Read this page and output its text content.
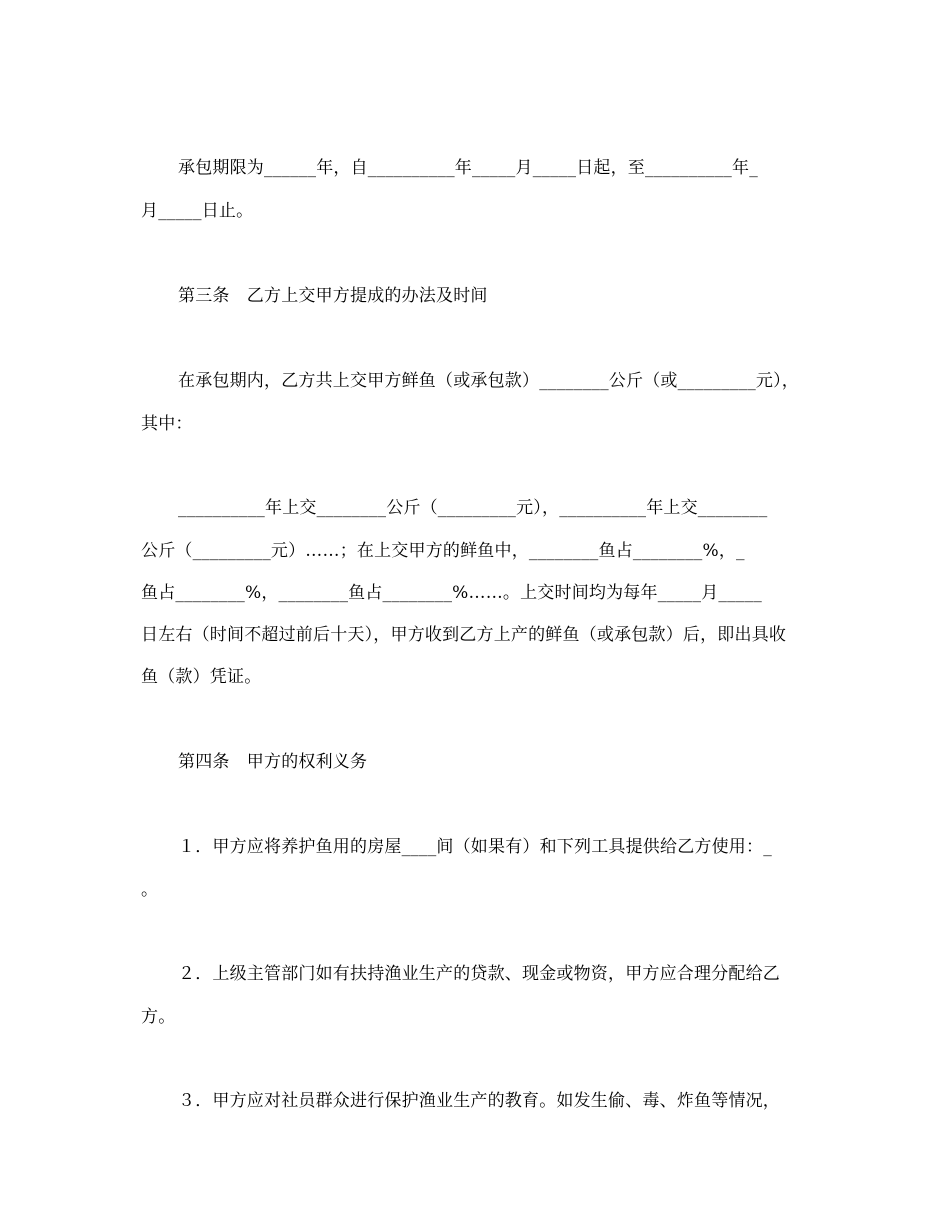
承包期限为______年，自__________年_____月_____日起，至__________年_
月_____日止。
第三条　乙方上交甲方提成的办法及时间
在承包期内，乙方共上交甲方鲜鱼（或承包款）________公斤（或_________元），
其中：
__________年上交________公斤（_________元），__________年上交________
公斤（_________元）……；在上交甲方的鲜鱼中，________鱼占________%，_
鱼占________%，________鱼占________%……。上交时间均为每年_____月_____
日左右（时间不超过前后十天），甲方收到乙方上产的鲜鱼（或承包款）后，即出具收
鱼（款）凭证。
第四条　甲方的权利义务
１．甲方应将养护鱼用的房屋____间（如果有）和下列工具提供给乙方使用：_
。
２．上级主管部门如有扶持渔业生产的贷款、现金或物资，甲方应合理分配给乙
方。
３．甲方应对社员群众进行保护渔业生产的教育。如发生偷、毒、炸鱼等情况，
